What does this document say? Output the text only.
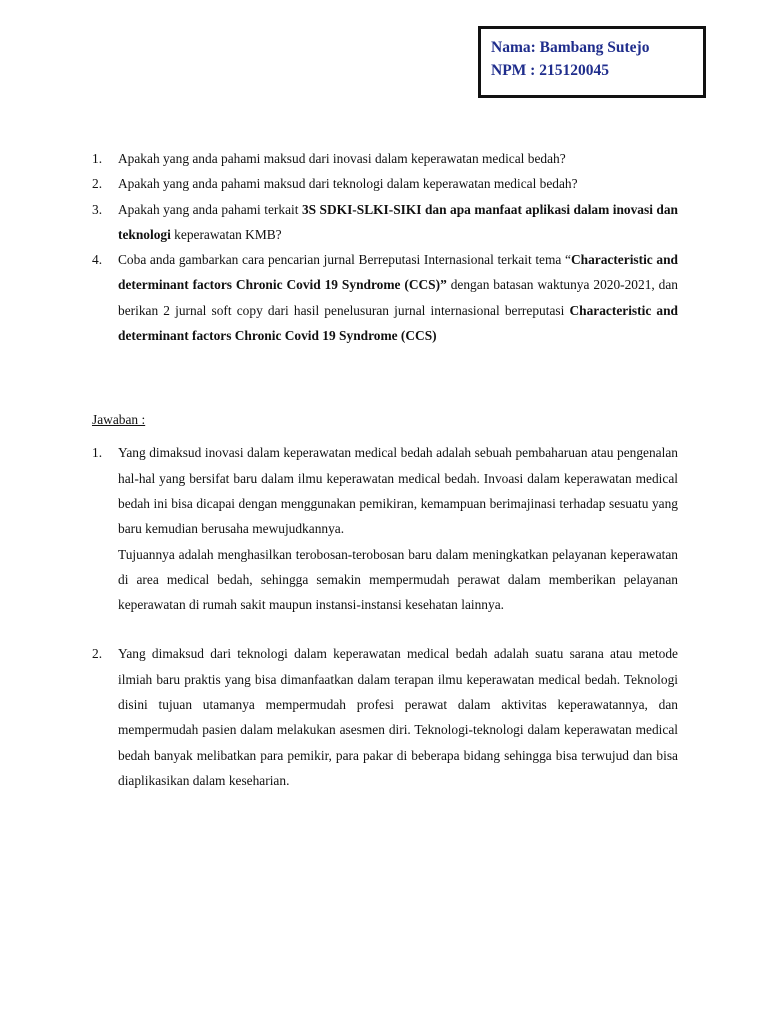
Nama: Bambang Sutejo
NPM : 215120045
1. Apakah yang anda pahami maksud dari inovasi dalam keperawatan medical bedah?
2. Apakah yang anda pahami maksud dari teknologi dalam keperawatan medical bedah?
3. Apakah yang anda pahami terkait 3S SDKI-SLKI-SIKI dan apa manfaat aplikasi dalam inovasi dan teknologi keperawatan KMB?
4. Coba anda gambarkan cara pencarian jurnal Berreputasi Internasional terkait tema “Characteristic and determinant factors Chronic Covid 19 Syndrome (CCS)” dengan batasan waktunya 2020-2021, dan berikan 2 jurnal soft copy dari hasil penelusuran jurnal internasional berreputasi Characteristic and determinant factors Chronic Covid 19 Syndrome (CCS)
Jawaban :
1. Yang dimaksud inovasi dalam keperawatan medical bedah adalah sebuah pembaharuan atau pengenalan hal-hal yang bersifat baru dalam ilmu keperawatan medical bedah. Invoasi dalam keperawatan medical bedah ini bisa dicapai dengan menggunakan pemikiran, kemampuan berimajinasi terhadap sesuatu yang baru kemudian berusaha mewujudkannya.

Tujuannya adalah menghasilkan terobosan-terobosan baru dalam meningkatkan pelayanan keperawatan di area medical bedah, sehingga semakin mempermudah perawat dalam memberikan pelayanan keperawatan di rumah sakit maupun instansi-instansi kesehatan lainnya.

2. Yang dimaksud dari teknologi dalam keperawatan medical bedah adalah suatu sarana atau metode ilmiah baru praktis yang bisa dimanfaatkan dalam terapan ilmu keperawatan medical bedah. Teknologi disini tujuan utamanya mempermudah profesi perawat dalam aktivitas keperawatannya, dan mempermudah pasien dalam melakukan asesmen diri. Teknologi-teknologi dalam keperawatan medical bedah banyak melibatkan para pemikir, para pakar di beberapa bidang sehingga bisa terwujud dan bisa diaplikasikan dalam keseharian.
